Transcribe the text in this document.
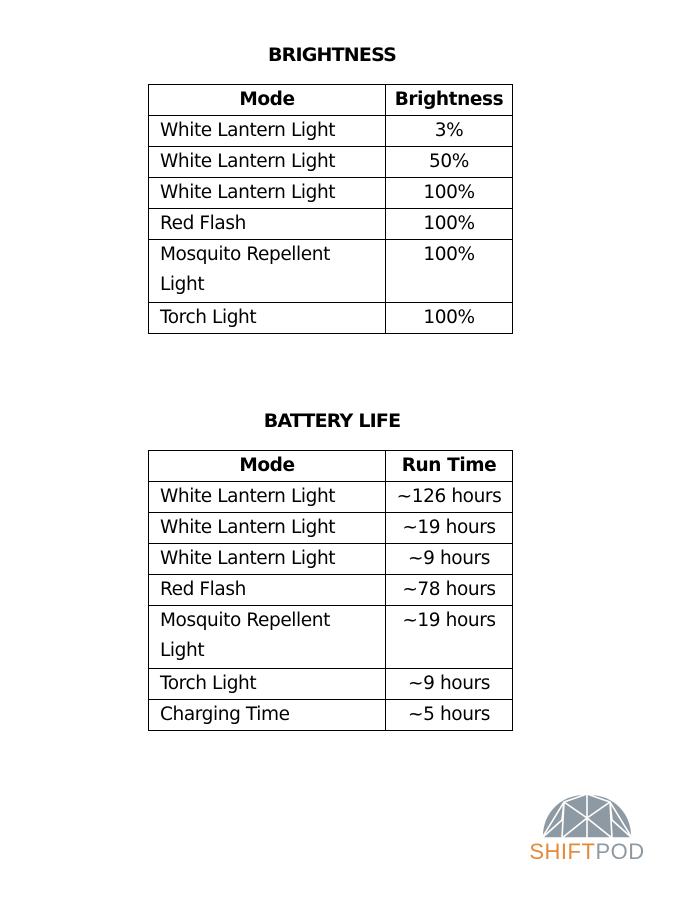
BRIGHTNESS
Mode	Brightness
White Lantern Light	3%
White Lantern Light	50%
White Lantern Light	100%
Red Flash	100%
Mosquito Repellent Light	100%
Torch Light	100%
BATTERY LIFE
Mode	Run Time
White Lantern Light	~126 hours
White Lantern Light	~19 hours
White Lantern Light	~9 hours
Red Flash	~78 hours
Mosquito Repellent Light	~19 hours
Torch Light	~9 hours
Charging Time	~5 hours
SHIFTPOD
